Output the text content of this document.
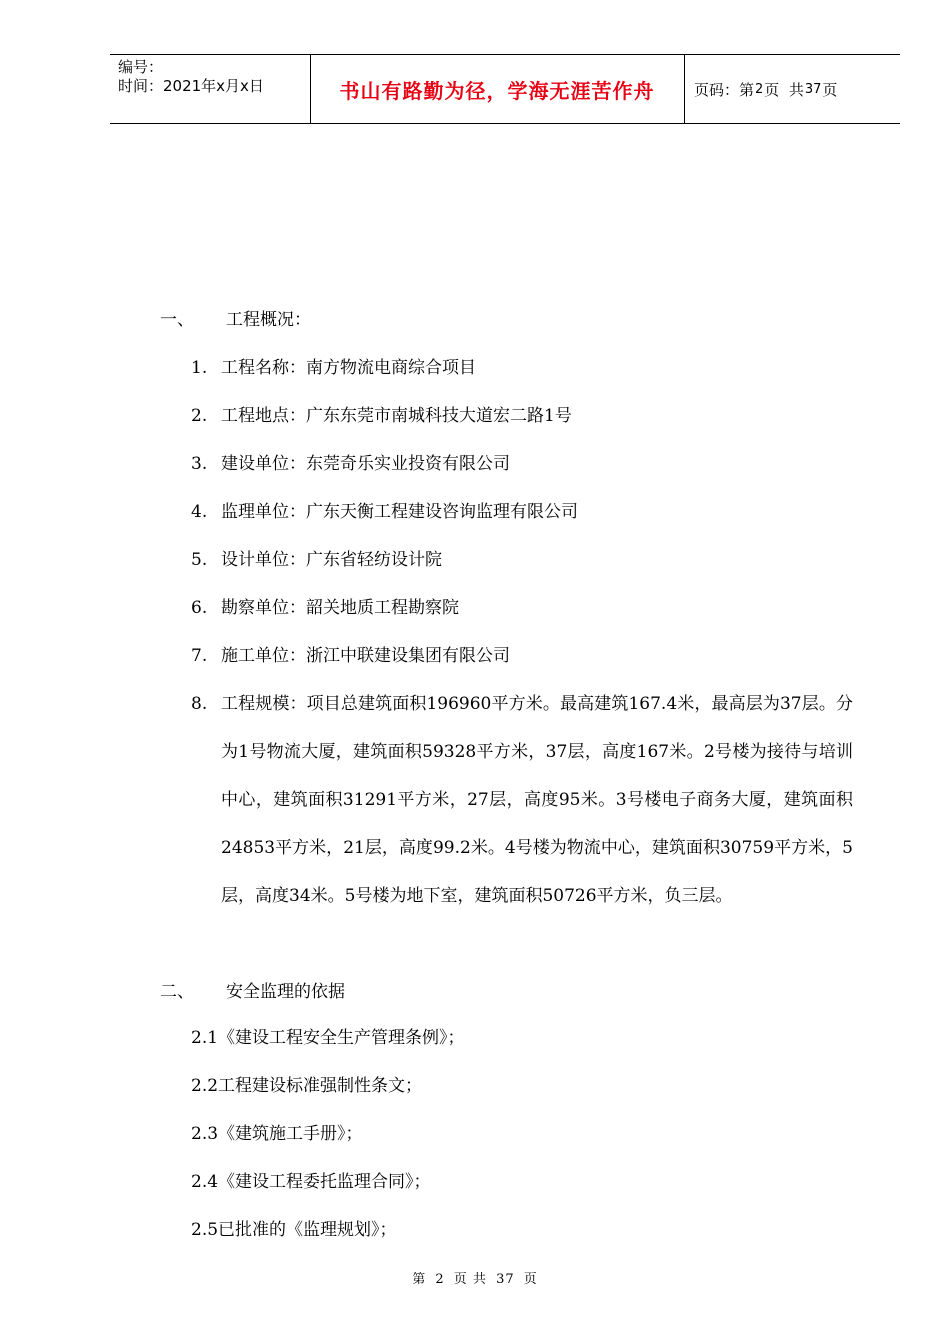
编号：
时间：2021年x月x日	书山有路勤为径，学海无涯苦作舟	页码：第 2 页  共 37 页
一、 工程概况：
1. 工程名称：南方物流电商综合项目
2. 工程地点：广东东莞市南城科技大道宏二路1号
3. 建设单位：东莞奇乐实业投资有限公司
4. 监理单位：广东天衡工程建设咨询监理有限公司
5. 设计单位：广东省轻纺设计院
6. 勘察单位：韶关地质工程勘察院
7. 施工单位：浙江中联建设集团有限公司
8. 工程规模：项目总建筑面积196960平方米。最高建筑167.4米，最高层为37层。分为1号物流大厦，建筑面积59328平方米，37层，高度167米。2号楼为接待与培训中心，建筑面积31291平方米，27层，高度95米。3号楼电子商务大厦，建筑面积24853平方米，21层，高度99.2米。4号楼为物流中心，建筑面积30759平方米，5层，高度34米。5号楼为地下室，建筑面积50726平方米，负三层。
二、 安全监理的依据
2.1《建设工程安全生产管理条例》；
2.2工程建设标准强制性条文；
2.3《建筑施工手册》；
2.4《建设工程委托监理合同》；
2.5已批准的《监理规划》；
第 2 页 共 37 页
